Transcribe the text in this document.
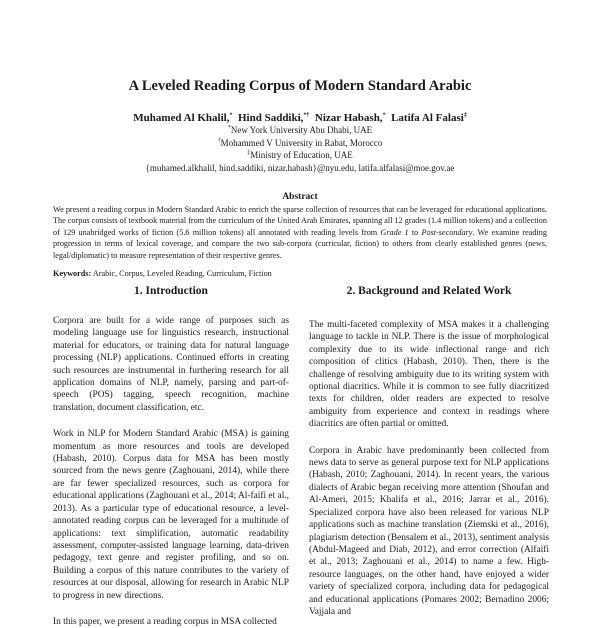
A Leveled Reading Corpus of Modern Standard Arabic
Muhamed Al Khalil,* Hind Saddiki,*† Nizar Habash,* Latifa Al Falasi‡
*New York University Abu Dhabi, UAE
†Mohammed V University in Rabat, Morocco
‡Ministry of Education, UAE
{muhamed.alkhalil, hind.saddiki, nizar.habash}@nyu.edu, latifa.alfalasi@moe.gov.ae
Abstract
We present a reading corpus in Modern Standard Arabic to enrich the sparse collection of resources that can be leveraged for educational applications. The corpus consists of textbook material from the curriculum of the United Arab Emirates, spanning all 12 grades (1.4 million tokens) and a collection of 129 unabridged works of fiction (5.6 million tokens) all annotated with reading levels from Grade 1 to Post-secondary. We examine reading progression in terms of lexical coverage, and compare the two sub-corpora (curricular, fiction) to others from clearly established genres (news, legal/diplomatic) to measure representation of their respective genres.
Keywords: Arabic, Corpus, Leveled Reading, Curriculum, Fiction
1. Introduction	2. Background and Related Work

Corpora are built for a wide range of purposes such as modeling language use for linguistics research, instructional material for educators, or training data for natural language processing (NLP) applications. Continued efforts in creating such resources are instrumental in furthering research for all application domains of NLP, namely, parsing and part-of-speech (POS) tagging, speech recognition, machine translation, document classification, etc.

Work in NLP for Modern Standard Arabic (MSA) is gaining momentum as more resources and tools are developed (Habash, 2010). Corpus data for MSA has been mostly sourced from the news genre (Zaghouani, 2014), while there are far fewer specialized resources, such as corpora for educational applications (Zaghouani et al., 2014; Al-faifi et al., 2013). As a particular type of educational resource, a level-annotated reading corpus can be leveraged for a multitude of applications: text simplification, automatic readability assessment, computer-assisted language learning, data-driven pedagogy, text genre and register profiling, and so on. Building a corpus of this nature contributes to the variety of resources at our disposal, allowing for research in Arabic NLP to progress in new directions.

In this paper, we present a reading corpus in MSA collected

The multi-faceted complexity of MSA makes it a challenging language to tackle in NLP. There is the issue of morphological complexity due to its wide inflectional range and rich composition of clitics (Habash, 2010). Then, there is the challenge of resolving ambiguity due to its writing system with optional diacritics. While it is common to see fully diacritized texts for children, older readers are expected to resolve ambiguity from experience and context in readings where diacritics are often partial or omitted.

Corpora in Arabic have predominantly been collected from news data to serve as general purpose text for NLP applications (Habash, 2010; Zaghouani, 2014). In recent years, the various dialects of Arabic began receiving more attention (Shoufan and Al-Ameri, 2015; Khalifa et al., 2016; Jarrar et al., 2016). Specialized corpora have also been released for various NLP applications such as machine translation (Ziemski et al., 2016), plagiarism detection (Bensalem et al., 2013), sentiment analysis (Abdul-Mageed and Diab, 2012), and error correction (Alfaifi et al., 2013; Zaghouani et al., 2014) to name a few. High-resource languages, on the other hand, have enjoyed a wider variety of specialized corpora, including data for pedagogical and educational applications (Pomares 2002; Bernadino 2006; Vajjala and
